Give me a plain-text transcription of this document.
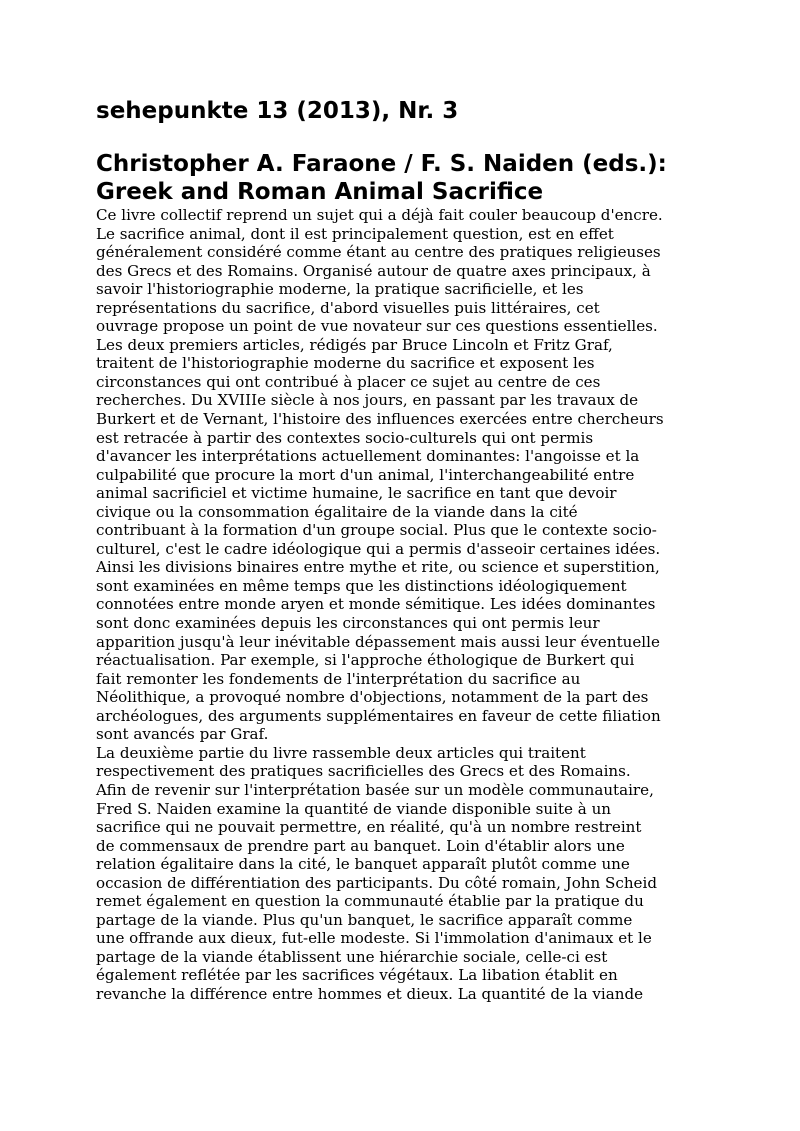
sehepunkte 13 (2013), Nr. 3
Christopher A. Faraone / F. S. Naiden (eds.):
Greek and Roman Animal Sacrifice

Ce livre collectif reprend un sujet qui a déjà fait couler beaucoup d'encre.
Le sacrifice animal, dont il est principalement question, est en effet
généralement considéré comme étant au centre des pratiques religieuses
des Grecs et des Romains. Organisé autour de quatre axes principaux, à
savoir l'historiographie moderne, la pratique sacrificielle, et les
représentations du sacrifice, d'abord visuelles puis littéraires, cet
ouvrage propose un point de vue novateur sur ces questions essentielles.
Les deux premiers articles, rédigés par Bruce Lincoln et Fritz Graf,
traitent de l'historiographie moderne du sacrifice et exposent les
circonstances qui ont contribué à placer ce sujet au centre de ces
recherches. Du XVIIIe siècle à nos jours, en passant par les travaux de
Burkert et de Vernant, l'histoire des influences exercées entre chercheurs
est retracée à partir des contextes socio-culturels qui ont permis
d'avancer les interprétations actuellement dominantes: l'angoisse et la
culpabilité que procure la mort d'un animal, l'interchangeabilité entre
animal sacrificiel et victime humaine, le sacrifice en tant que devoir
civique ou la consommation égalitaire de la viande dans la cité
contribuant à la formation d'un groupe social. Plus que le contexte socio-
culturel, c'est le cadre idéologique qui a permis d'asseoir certaines idées.
Ainsi les divisions binaires entre mythe et rite, ou science et superstition,
sont examinées en même temps que les distinctions idéologiquement
connotées entre monde aryen et monde sémitique. Les idées dominantes
sont donc examinées depuis les circonstances qui ont permis leur
apparition jusqu'à leur inévitable dépassement mais aussi leur éventuelle
réactualisation. Par exemple, si l'approche éthologique de Burkert qui
fait remonter les fondements de l'interprétation du sacrifice au
Néolithique, a provoqué nombre d'objections, notamment de la part des
archéologues, des arguments supplémentaires en faveur de cette filiation
sont avancés par Graf.
La deuxième partie du livre rassemble deux articles qui traitent
respectivement des pratiques sacrificielles des Grecs et des Romains.
Afin de revenir sur l'interprétation basée sur un modèle communautaire,
Fred S. Naiden examine la quantité de viande disponible suite à un
sacrifice qui ne pouvait permettre, en réalité, qu'à un nombre restreint
de commensaux de prendre part au banquet. Loin d'établir alors une
relation égalitaire dans la cité, le banquet apparaît plutôt comme une
occasion de différentiation des participants. Du côté romain, John Scheid
remet également en question la communauté établie par la pratique du
partage de la viande. Plus qu'un banquet, le sacrifice apparaît comme
une offrande aux dieux, fut-elle modeste. Si l'immolation d'animaux et le
partage de la viande établissent une hiérarchie sociale, celle-ci est
également reflétée par les sacrifices végétaux. La libation établit en
revanche la différence entre hommes et dieux. La quantité de la viande
